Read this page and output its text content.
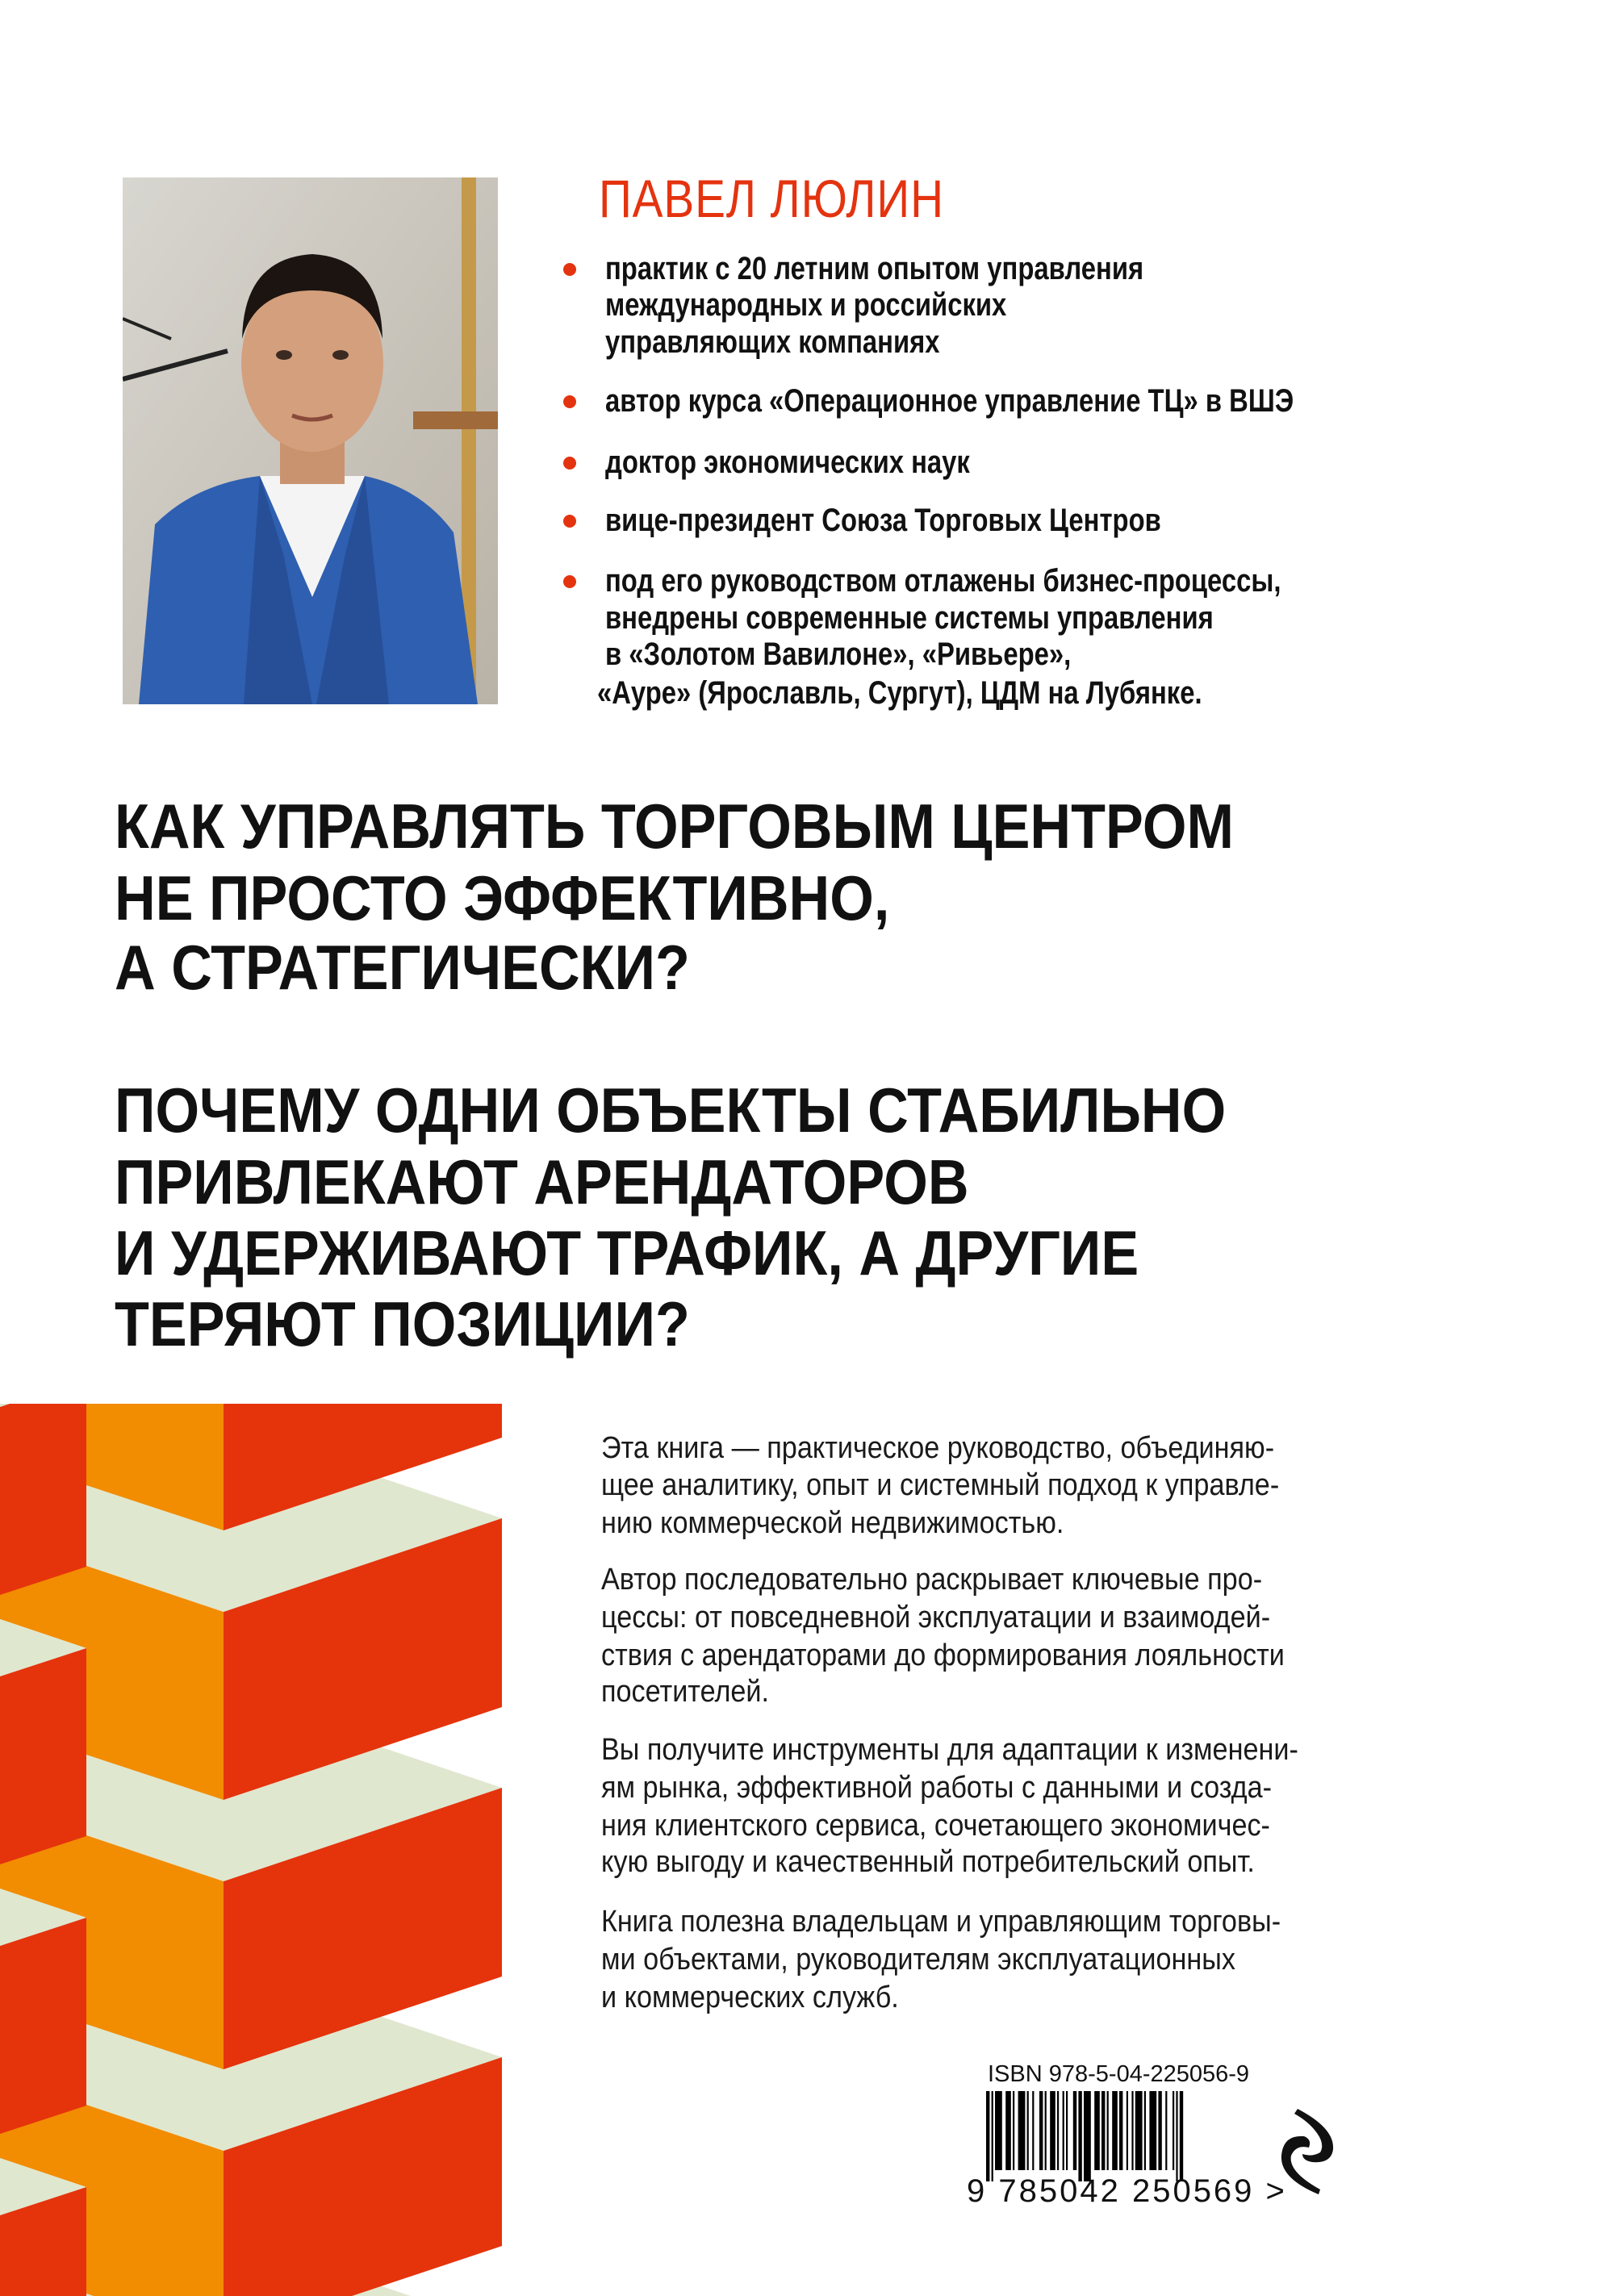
ПАВЕЛ ЛЮЛИН
практик с 20 летним опытом управления
международных и российских
управляющих компаниях
автор курса «Операционное управление ТЦ» в ВШЭ
доктор экономических наук
вице-президент Союза Торговых Центров
под его руководством отлажены бизнес-процессы,
внедрены современные системы управления
в «Золотом Вавилоне», «Ривьере»,
«Ауре» (Ярославль, Сургут), ЦДМ на Лубянке.
КАК УПРАВЛЯТЬ ТОРГОВЫМ ЦЕНТРОМ
НЕ ПРОСТО ЭФФЕКТИВНО,
А СТРАТЕГИЧЕСКИ?
ПОЧЕМУ ОДНИ ОБЪЕКТЫ СТАБИЛЬНО
ПРИВЛЕКАЮТ АРЕНДАТОРОВ
И УДЕРЖИВАЮТ ТРАФИК, А ДРУГИЕ
ТЕРЯЮТ ПОЗИЦИИ?
Эта книга — практическое руководство, объединяю-
щее аналитику, опыт и системный подход к управле-
нию коммерческой недвижимостью.
Автор последовательно раскрывает ключевые про-
цессы: от повседневной эксплуатации и взаимодей-
ствия с арендаторами до формирования лояльности
посетителей.
Вы получите инструменты для адаптации к изменени-
ям рынка, эффективной работы с данными и созда-
ния клиентского сервиса, сочетающего экономичес-
кую выгоду и качественный потребительский опыт.
Книга полезна владельцам и управляющим торговы-
ми объектами, руководителям эксплуатационных
и коммерческих служб.
ISBN 978-5-04-225056-9
9 785042 250569 >
